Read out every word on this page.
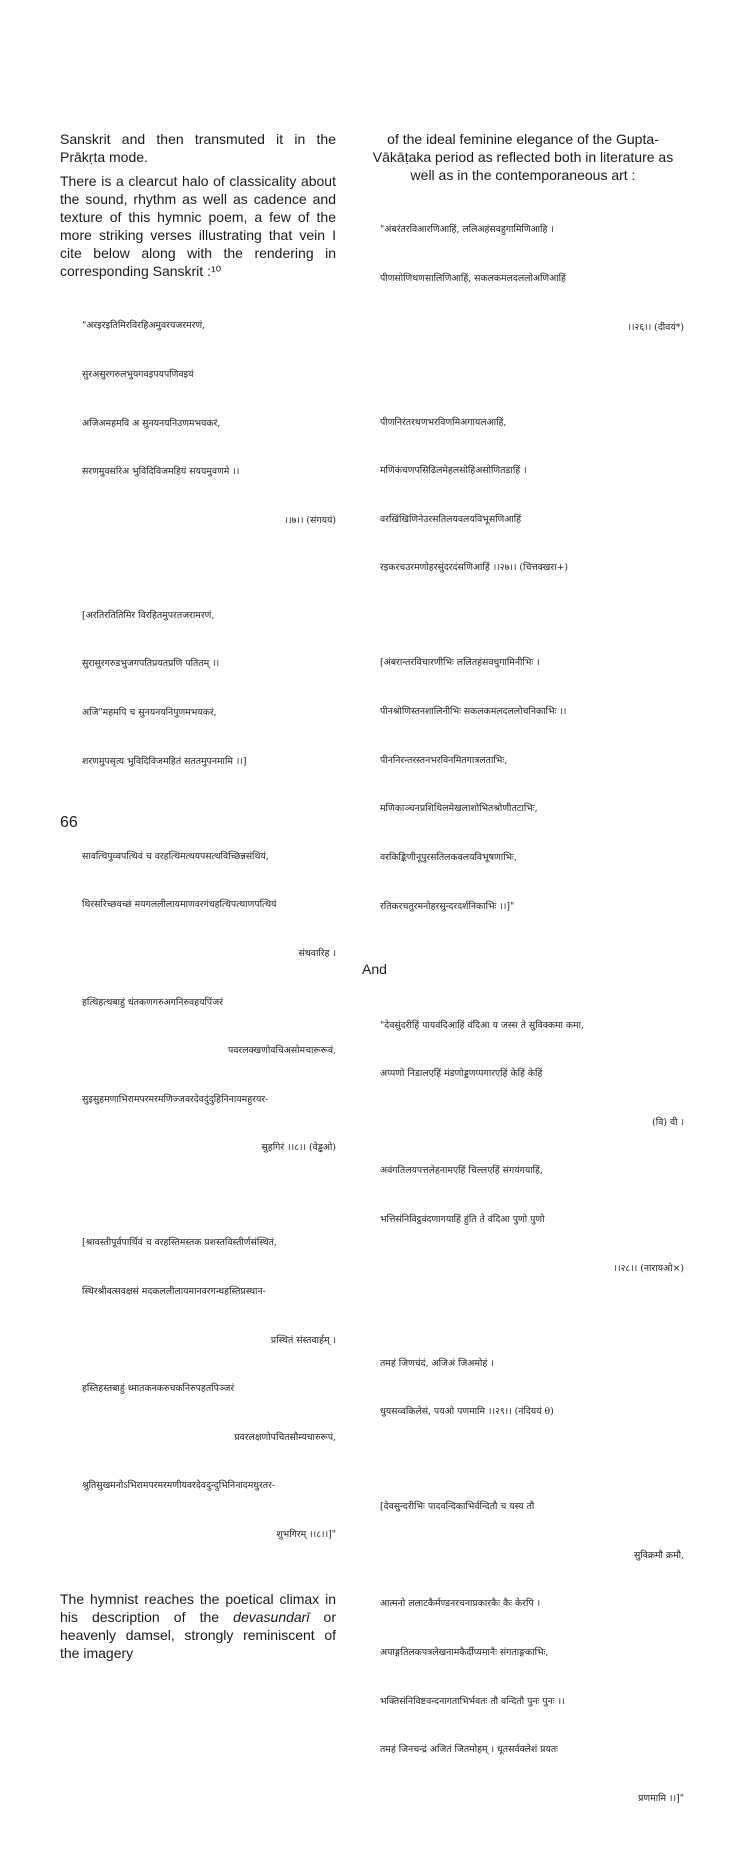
Sanskrit and then transmuted it in the Prākṛta mode.

There is a clearcut halo of classicality about the sound, rhythm as well as cadence and texture of this hymnic poem, a few of the more striking verses illustrating that vein I cite below along with the rendering in corresponding Sanskrit :¹⁰

"अरइरइतिमिरविरहिअमुवरयजरमरणं,

सुरअसुरगरुलभुयगवइपयपणिवइयं

अजिअमहमवि अ सुनयनयनिउणमभयकरं,

सरणमुवसरिअ भुविदिविजमहियं सययमुवणमे ।।

।।७।। (संगययं)

[अरतिरतितिमिर विरहितमुपरतजरामरणं,

सुरासुरगरुडभुजगपतिप्रयतप्रणि पतितम् ।।

अजि"महमपि च सुनयनयनिपुणमभयकरं,

शरणमुपसृत्य भुविदिविजमहितं सततमुपनमामि ।।]

सावत्थिपुव्वपत्थिवं च वरहत्थिमत्थयपसत्थविच्छिन्नसंथियं,

थिरसरिच्छवच्छं मयगललीलायमाणवरगंधहत्थिपत्थाणपत्थियं

संथवारिह ।

हत्थिहत्थबाहुं धंतकणगरुअगनिरुवहयपिंजरं

पवरलक्खणोवचिअसोमचारूरूवं,

सुइसुहमणाभिरामपरमरमणिज्जवरदेवदुंदुहिनिनायमहुरयर-

सुहगिरं ।।८।। (वेड्ढओ)

[श्रावस्तीपूर्वपार्थिवं च वरहस्तिमस्तक प्रशस्तविस्तीर्णसंस्थितं,

स्थिरश्रीवत्सवक्षसं मदकललीलायमानवरगन्धहस्तिप्रस्थान-

प्रस्थितं संस्तवार्हम् ।

हस्तिहस्तबाहुं ध्मातकनकरुचकनिरुपहतपिञ्जरं

प्रवरलक्षणोपचितसौम्यचारुरूपं,

श्रुतिसुखमनोऽभिरामपरमरमणीयवरदेवदुन्दुभिनिनादमधुरतर-

शुभगिरम् ।।८।।]"

The hymnist reaches the poetical climax in his description of the devasundarī or heavenly damsel, strongly reminiscent of the imagery

of the ideal feminine elegance of the Gupta-Vākāṭaka period as reflected both in literature as well as in the contemporaneous art :

"अंबरंतरविआरणिआहिं, ललिअहंसवहुगामिणिआहि ।

पीणसोणिथणसालिणिआहिं, सकलकमलदललोअणिआहिं

।।२६।। (दीवयं*)

पीणनिरंतरथणभरविणमिअगायलआहिं,

मणिकंचणपसिढिलमेहलसोहिअसोणितडाहिं ।

वरखिंखिणिनेउरसतिलयवलयविभूसणिआहिं

रइकरचउरमणोहरसुंदरदंसणिआहिं ।।२७।। (चित्तक्खरा+)

[अंबरान्तरविचारणीभिः ललितहंसवधुगामिनीभिः ।

पीनश्रोणिस्तनशालिनीभिः सकलकमलदललोचनिकाभिः ।।

पीननिरन्तरस्तनभरविनमितगात्रलताभिः,

मणिकाञ्चनप्रशिथिलमेखलाशोभितश्रोणीतटाभिः,

वरकिङ्किणीनूपुरसतिलकवलयविभूषणाभिः,

रतिकरचतुरमनोहरसुन्दरदर्शनिकाभिः ।।]"

And

"देवसुंदरीहिं पायवंदिआहिं वंदिआ य जस्स ते सुविक्कमा कमा,

अप्पणो निडालएहिं मंडणोड्डणप्पगारएहिं केहिं केहिं

(वि) वी ।

अवंगतिलयपत्तलेहनामएहिं चिल्लएहिं संगयंगयाहिं,

भत्तिसंनिविट्ठवंदणागयाहिं हुंति ते वंदिआ पुणो पुणो

।।२८।। (नारायओ×)

तमहं जिणचंदं, अजिअं जिअमोहं ।

धुयसव्वकिलेसं, पयओ पणमामि ।।२९।। (नंदिययं θ)

[देवसुन्दरीभिः पादवन्दिकाभिर्वन्दितौ च यस्य तौ

सुविक्रमौ क्रमौ,

आत्मनो ललाटकैर्मण्डनरचनाप्रकारकैः कैः केरपि ।

अपाङ्गतिलकपत्रलेखनामकैर्दीप्यमानैः संगताङ्गकाभिः,

भक्तिसंनिविष्टवन्दनागताभिर्भवतः तौ वन्दितौ पुनः पुनः ।।

तमहं जिनचन्द्रं अजितं जितमोहम् । धूतसर्वक्लेशं प्रयतः

प्रणमामि ।।]"

66
